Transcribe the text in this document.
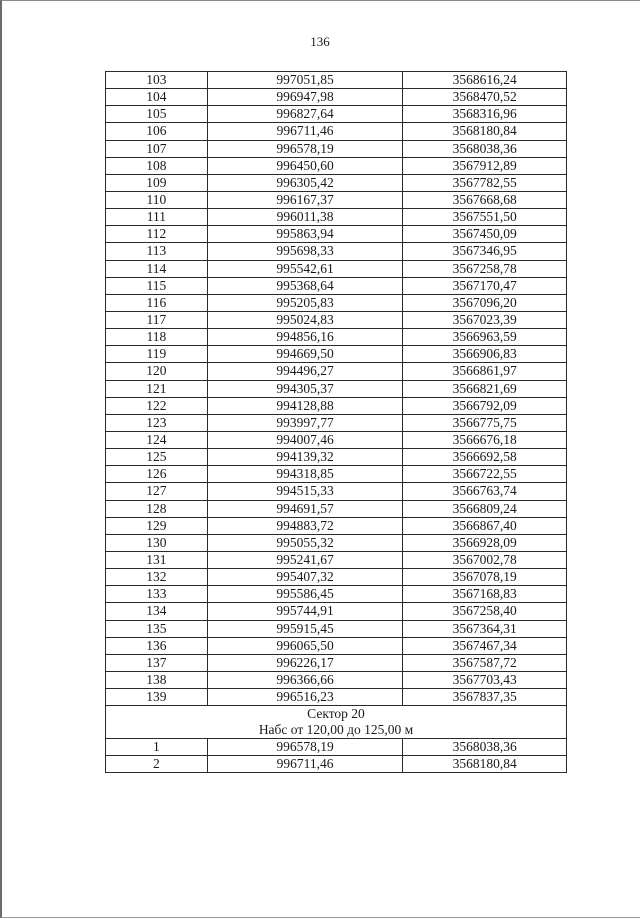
136
103	997051,85	3568616,24
104	996947,98	3568470,52
105	996827,64	3568316,96
106	996711,46	3568180,84
107	996578,19	3568038,36
108	996450,60	3567912,89
109	996305,42	3567782,55
110	996167,37	3567668,68
111	996011,38	3567551,50
112	995863,94	3567450,09
113	995698,33	3567346,95
114	995542,61	3567258,78
115	995368,64	3567170,47
116	995205,83	3567096,20
117	995024,83	3567023,39
118	994856,16	3566963,59
119	994669,50	3566906,83
120	994496,27	3566861,97
121	994305,37	3566821,69
122	994128,88	3566792,09
123	993997,77	3566775,75
124	994007,46	3566676,18
125	994139,32	3566692,58
126	994318,85	3566722,55
127	994515,33	3566763,74
128	994691,57	3566809,24
129	994883,72	3566867,40
130	995055,32	3566928,09
131	995241,67	3567002,78
132	995407,32	3567078,19
133	995586,45	3567168,83
134	995744,91	3567258,40
135	995915,45	3567364,31
136	996065,50	3567467,34
137	996226,17	3567587,72
138	996366,66	3567703,43
139	996516,23	3567837,35

Сектор 20
Набс от 120,00 до 125,00 м		

1	996578,19	3568038,36
2	996711,46	3568180,84
